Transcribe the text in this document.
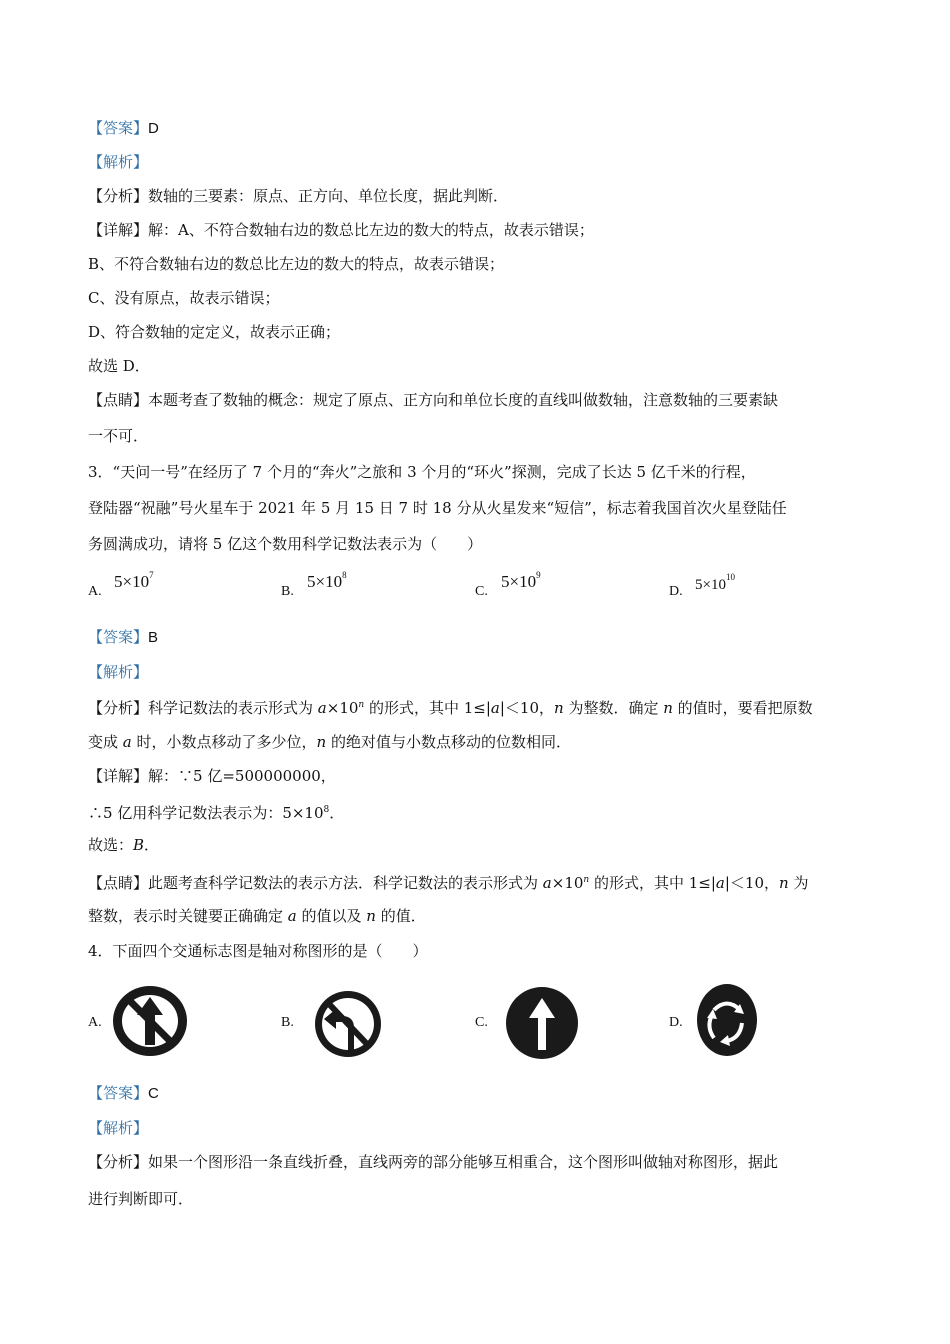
【答案】D
【解析】
【分析】数轴的三要素：原点、正方向、单位长度，据此判断．
【详解】解：A、不符合数轴右边的数总比左边的数大的特点，故表示错误；
B、不符合数轴右边的数总比左边的数大的特点，故表示错误；
C、没有原点，故表示错误；
D、符合数轴的定定义，故表示正确；
故选 D．
【点睛】本题考查了数轴的概念：规定了原点、正方向和单位长度的直线叫做数轴，注意数轴的三要素缺
一不可．
3．“天问一号”在经历了 7 个月的“奔火”之旅和 3 个月的“环火”探测，完成了长达 5 亿千米的行程，
登陆器“祝融”号火星车于 2021 年 5 月 15 日 7 时 18 分从火星发来“短信”，标志着我国首次火星登陆任
务圆满成功，请将 5 亿这个数用科学记数法表示为（　　）
A.
$5\times 10^7$
B.
$5\times 10^8$
C.
$5\times 10^9$
D. $5\times 10^{10}$
【答案】B
【解析】
【分析】科学记数法的表示形式为 $a\times 10^n$ 的形式，其中 1≤|a|＜10，n 为整数．确定 n 的值时，要看把原数
变成 a 时，小数点移动了多少位，n 的绝对值与小数点移动的位数相同．
【详解】解：∵5 亿=500000000，
∴5 亿用科学记数法表示为：$5\times 10^8$．
故选：B．
【点睛】此题考查科学记数法的表示方法．科学记数法的表示形式为 $a\times 10^n$ 的形式，其中 1≤|a|＜10，n 为
整数，表示时关键要正确确定 a 的值以及 n 的值．
4．下面四个交通标志图是轴对称图形的是（　　）
A.	B.	C.	D.
【答案】C
【解析】
【分析】如果一个图形沿一条直线折叠，直线两旁的部分能够互相重合，这个图形叫做轴对称图形，据此
进行判断即可．
